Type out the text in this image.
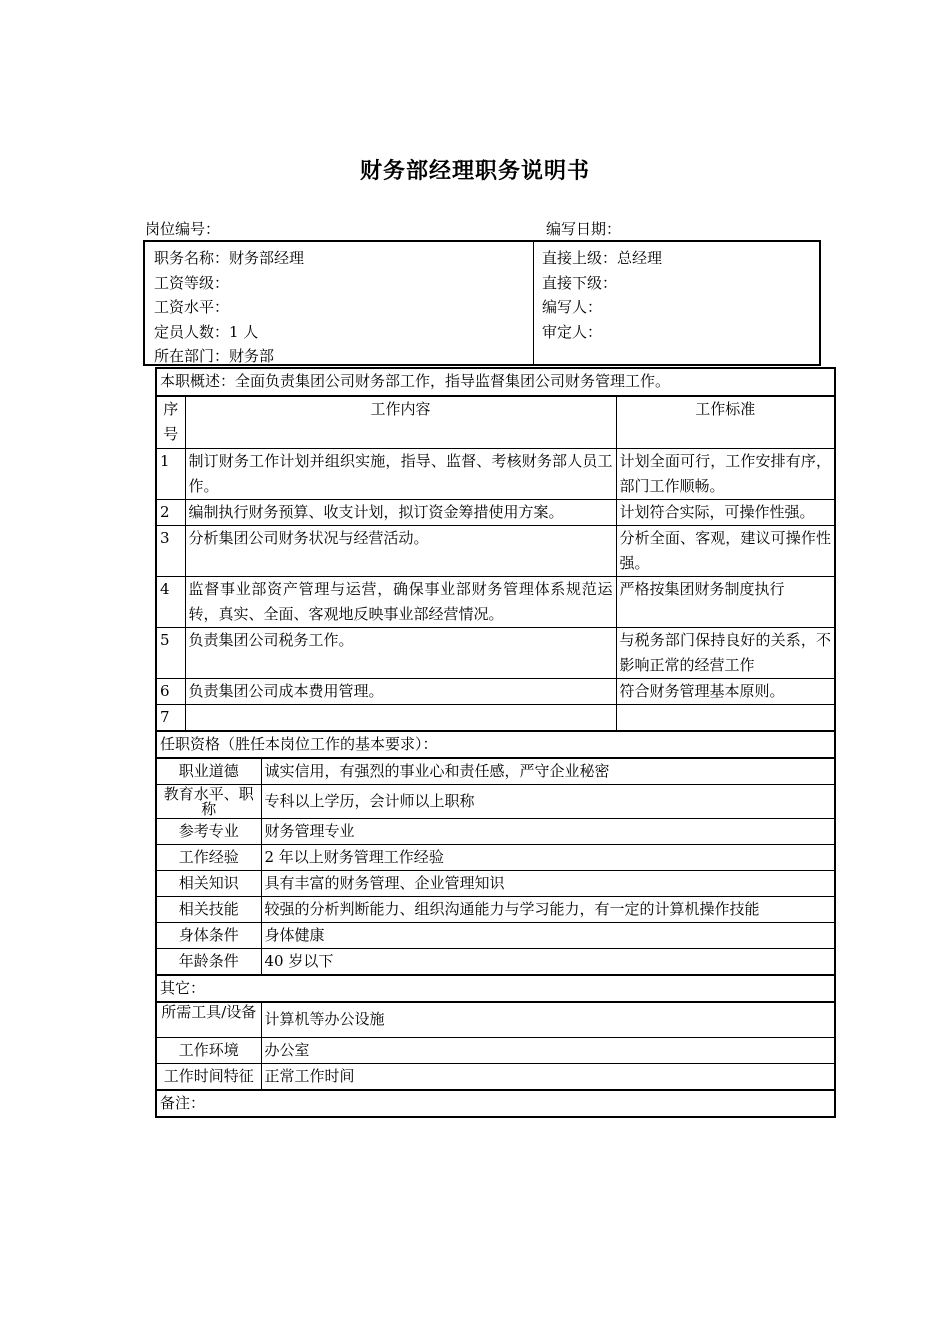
财务部经理职务说明书
岗位编号：	编写日期：
职务名称：财务部经理
工资等级：
工资水平：
定员人数：1 人
所在部门：财务部
直接上级：总经理
直接下级：
编写人：
审定人：
本职概述：全面负责集团公司财务部工作，指导监督集团公司财务管理工作。			
序号	工作内容		工作标准
1	制订财务工作计划并组织实施，指导、监督、考核财务部人员工作。		计划全面可行，工作安排有序，部门工作顺畅。
2	编制执行财务预算、收支计划，拟订资金筹措使用方案。		计划符合实际，可操作性强。
3	分析集团公司财务状况与经营活动。		分析全面、客观，建议可操作性强。
4	监督事业部资产管理与运营，确保事业部财务管理体系规范运转，真实、全面、客观地反映事业部经营情况。		严格按集团财务制度执行
5	负责集团公司税务工作。		与税务部门保持良好的关系，不影响正常的经营工作
6	负责集团公司成本费用管理。		符合财务管理基本原则。
7			
任职资格（胜任本岗位工作的基本要求）：			
职业道德		诚实信用，有强烈的事业心和责任感，严守企业秘密	
教育水平、职称		专科以上学历，会计师以上职称	
参考专业		财务管理专业	
工作经验		2 年以上财务管理工作经验	
相关知识		具有丰富的财务管理、企业管理知识	
相关技能		较强的分析判断能力、组织沟通能力与学习能力，有一定的计算机操作技能	
身体条件		身体健康	
年龄条件		40 岁以下	
其它：			
所需工具/设备		计算机等办公设施	
工作环境		办公室	
工作时间特征		正常工作时间	
备注：			
